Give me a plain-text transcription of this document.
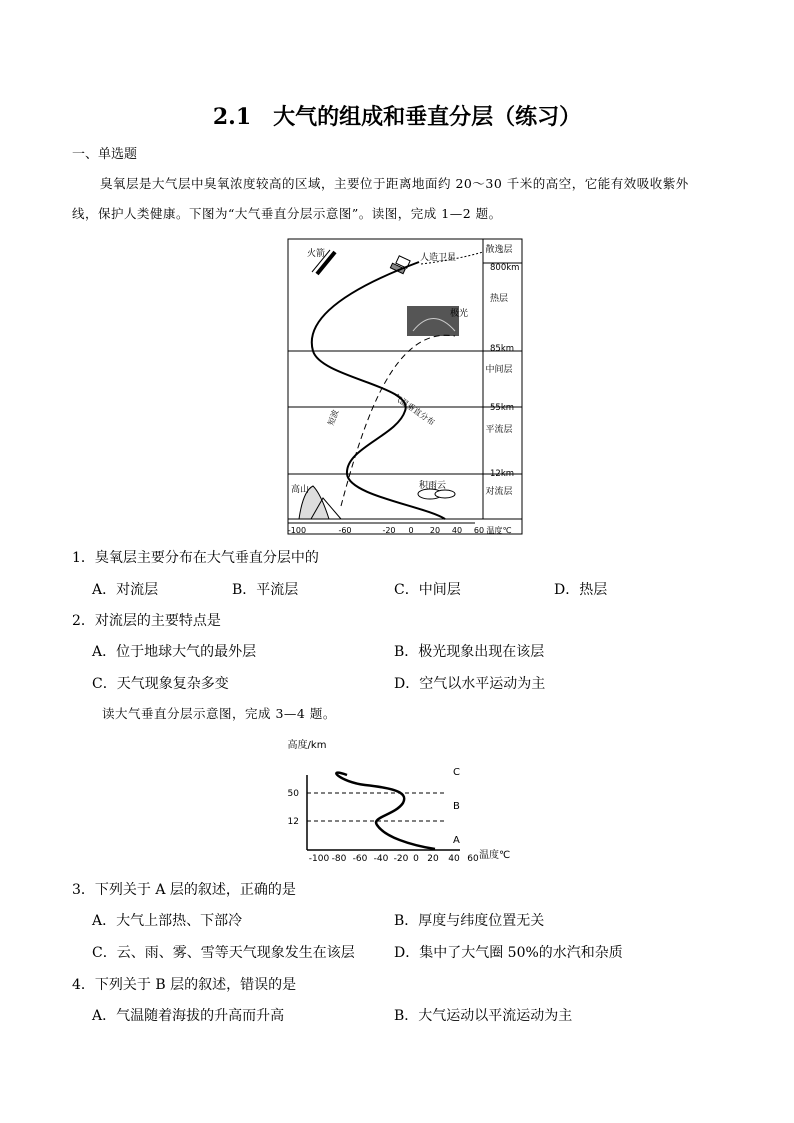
2.1　大气的组成和垂直分层（练习）
一、单选题
臭氧层是大气层中臭氧浓度较高的区域，主要位于距离地面约 20～30 千米的高空，它能有效吸收紫外
线，保护人类健康。下图为“大气垂直分层示意图”。读图，完成 1—2 题。
散逸层
热层
中间层
平流层
对流层
800km
85km
55km
12km
火箭	人造卫星
极光
高山	积雨云
气温垂直分布
短波
-100	-60	-20 0 20 40 60 温度℃
1．臭氧层主要分布在大气垂直分层中的
A．对流层	B．平流层	C．中间层	D．热层
2．对流层的主要特点是
A．位于地球大气的最外层	B．极光现象出现在该层
C．天气现象复杂多变	D．空气以水平运动为主
读大气垂直分层示意图，完成 3—4 题。
高度/km
50
12
C
B
A
-100 -80 -60 -40 -20 0 20 40 60 温度℃
3．下列关于 A 层的叙述，正确的是
A．大气上部热、下部冷	B．厚度与纬度位置无关
C．云、雨、雾、雪等天气现象发生在该层	D．集中了大气圈 50%的水汽和杂质
4．下列关于 B 层的叙述，错误的是
A．气温随着海拔的升高而升高	B．大气运动以平流运动为主
